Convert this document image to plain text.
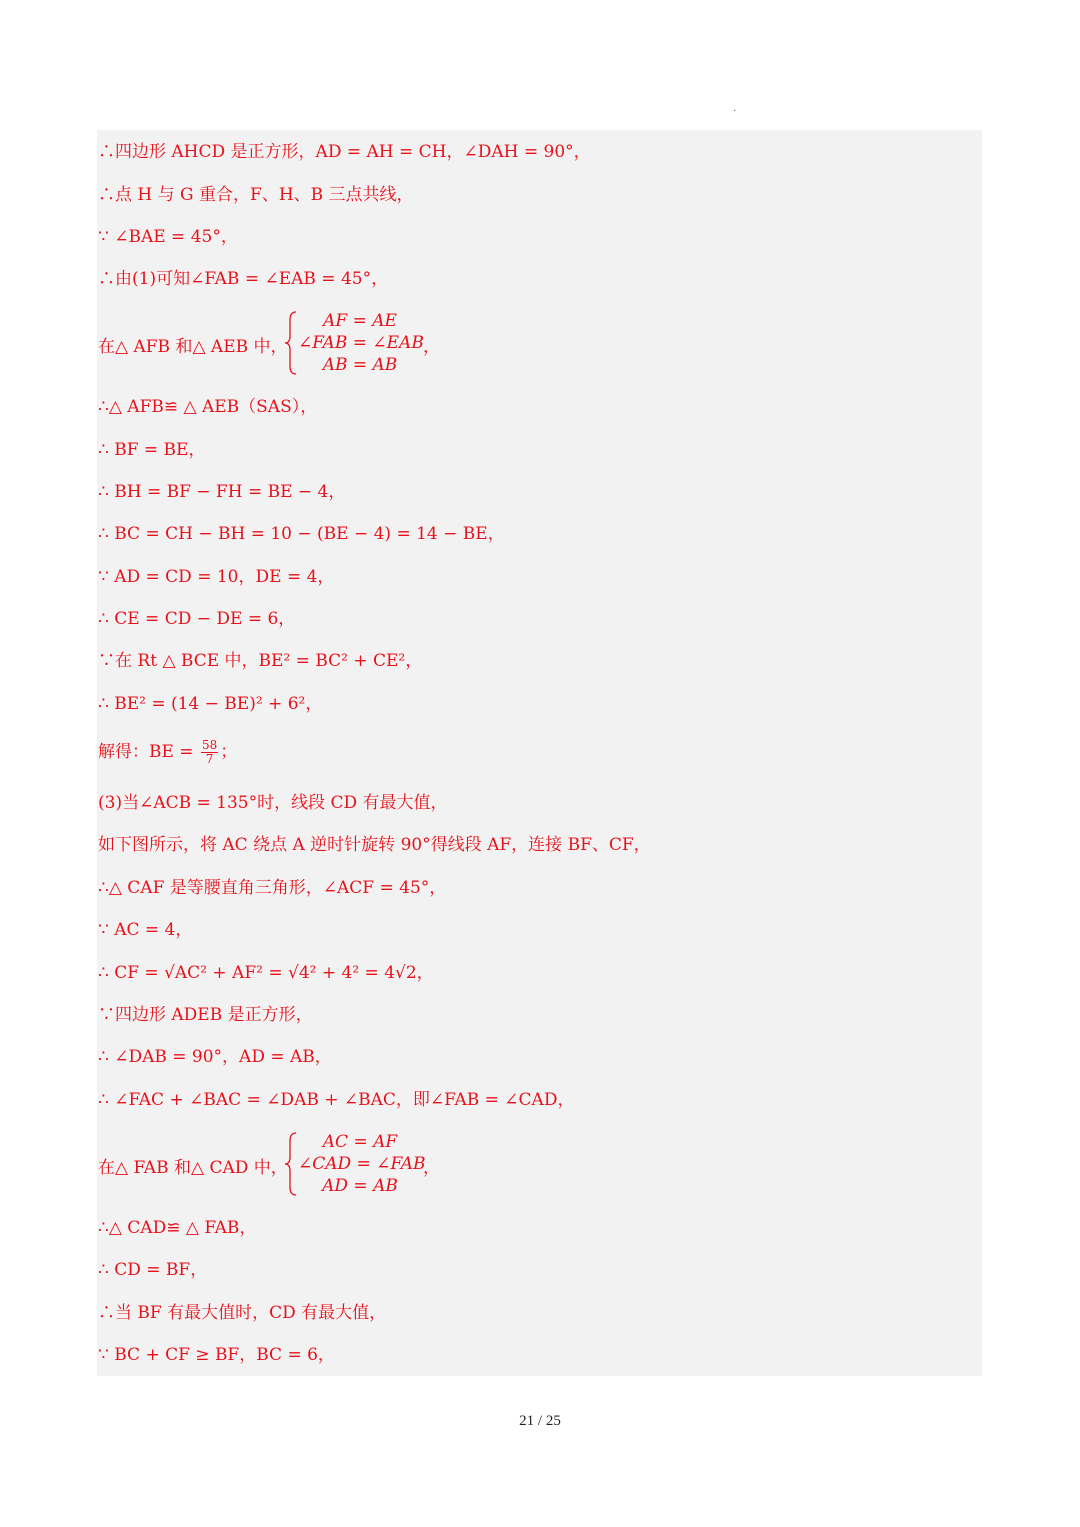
.
∴四边形 AHCD 是正方形，AD = AH = CH，∠DAH = 90°，
∴点 H 与 G 重合，F、H、B 三点共线，
∵ ∠BAE = 45°，
∴由(1)可知∠FAB = ∠EAB = 45°，
在△ AFB 和△ AEB 中，
AF = AE
∠FAB = ∠EAB
AB = AB
，
∴△ AFB≌ △ AEB（SAS），
∴ BF = BE，
∴ BH = BF − FH = BE − 4，
∴ BC = CH − BH = 10 − (BE − 4) = 14 − BE，
∵ AD = CD = 10，DE = 4，
∴ CE = CD − DE = 6，
∵在 Rt △ BCE 中，BE² = BC² + CE²，
∴ BE² = (14 − BE)² + 6²，
解得：BE = $\frac{58}{7}$ ；
(3)当∠ACB = 135°时，线段 CD 有最大值，
如下图所示，将 AC 绕点 A 逆时针旋转 90°得线段 AF，连接 BF、CF，
∴△ CAF 是等腰直角三角形，∠ACF = 45°，
∵ AC = 4，
∴ CF = √AC² + AF² = √4² + 4² = 4√2，
∵四边形 ADEB 是正方形，
∴ ∠DAB = 90°，AD = AB，
∴ ∠FAC + ∠BAC = ∠DAB + ∠BAC，即∠FAB = ∠CAD，
在△ FAB 和△ CAD 中，
AC = AF
∠CAD = ∠FAB
AD = AB
，
∴△ CAD≌ △ FAB，
∴ CD = BF，
∴当 BF 有最大值时，CD 有最大值，
∵ BC + CF ≥ BF，BC = 6，
21 / 25
